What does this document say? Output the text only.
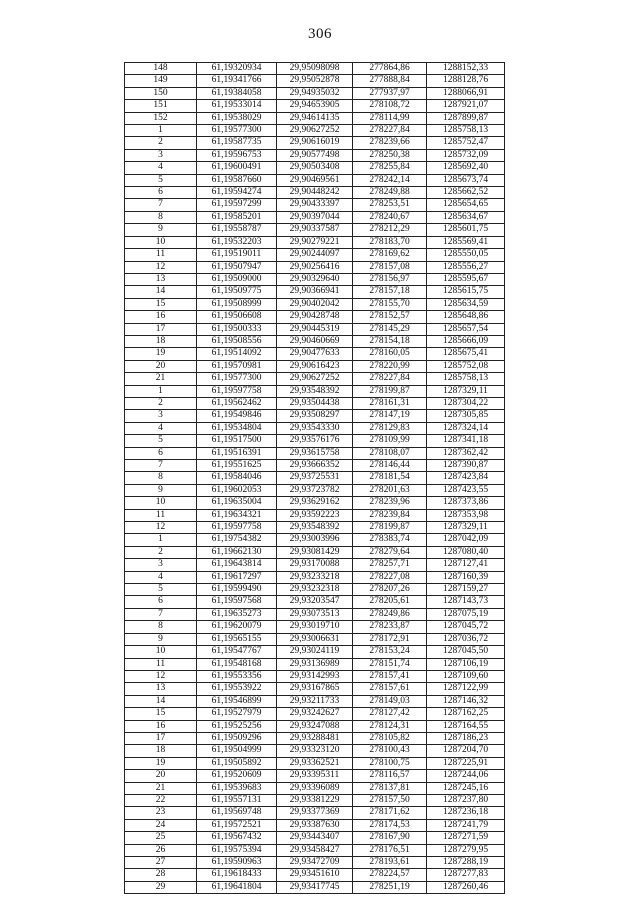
306
148	61,19320934	29,95098098	277864,86	1288152,33
149	61,19341766	29,95052878	277888,84	1288128,76
150	61,19384058	29,94935032	277937,97	1288066,91
151	61,19533014	29,94653905	278108,72	1287921,07
152	61,19538029	29,94614135	278114,99	1287899,87
1	61,19577300	29,90627252	278227,84	1285758,13
2	61,19587735	29,90616019	278239,66	1285752,47
3	61,19596753	29,90577498	278250,38	1285732,09
4	61,19600491	29,90503408	278255,84	1285692,40
5	61,19587660	29,90469561	278242,14	1285673,74
6	61,19594274	29,90448242	278249,88	1285662,52
7	61,19597299	29,90433397	278253,51	1285654,65
8	61,19585201	29,90397044	278240,67	1285634,67
9	61,19558787	29,90337587	278212,29	1285601,75
10	61,19532203	29,90279221	278183,70	1285569,41
11	61,19519011	29,90244097	278169,62	1285550,05
12	61,19507947	29,90256416	278157,08	1285556,27
13	61,19509000	29,90329640	278156,97	1285595,67
14	61,19509775	29,90366941	278157,18	1285615,75
15	61,19508999	29,90402042	278155,70	1285634,59
16	61,19506608	29,90428748	278152,57	1285648,86
17	61,19500333	29,90445319	278145,29	1285657,54
18	61,19508556	29,90460669	278154,18	1285666,09
19	61,19514092	29,90477633	278160,05	1285675,41
20	61,19570981	29,90616423	278220,99	1285752,08
21	61,19577300	29,90627252	278227,84	1285758,13
1	61,19597758	29,93548392	278199,87	1287329,11
2	61,19562462	29,93504438	278161,31	1287304,22
3	61,19549846	29,93508297	278147,19	1287305,85
4	61,19534804	29,93543330	278129,83	1287324,14
5	61,19517500	29,93576176	278109,99	1287341,18
6	61,19516391	29,93615758	278108,07	1287362,42
7	61,19551625	29,93666352	278146,44	1287390,87
8	61,19584046	29,93725531	278181,54	1287423,84
9	61,19602053	29,93723782	278201,63	1287423,55
10	61,19635004	29,93629162	278239,96	1287373,86
11	61,19634321	29,93592223	278239,84	1287353,98
12	61,19597758	29,93548392	278199,87	1287329,11
1	61,19754382	29,93003996	278383,74	1287042,09
2	61,19662130	29,93081429	278279,64	1287080,40
3	61,19643814	29,93170088	278257,71	1287127,41
4	61,19617297	29,93233218	278227,08	1287160,39
5	61,19599490	29,93232318	278207,26	1287159,27
6	61,19597568	29,93203547	278205,61	1287143,73
7	61,19635273	29,93073513	278249,86	1287075,19
8	61,19620079	29,93019710	278233,87	1287045,72
9	61,19565155	29,93006631	278172,91	1287036,72
10	61,19547767	29,93024119	278153,24	1287045,50
11	61,19548168	29,93136989	278151,74	1287106,19
12	61,19553356	29,93142993	278157,41	1287109,60
13	61,19553922	29,93167865	278157,61	1287122,99
14	61,19546899	29,93211733	278149,03	1287146,32
15	61,19527979	29,93242627	278127,42	1287162,25
16	61,19525256	29,93247088	278124,31	1287164,55
17	61,19509296	29,93288481	278105,82	1287186,23
18	61,19504999	29,93323120	278100,43	1287204,70
19	61,19505892	29,93362521	278100,75	1287225,91
20	61,19520609	29,93395311	278116,57	1287244,06
21	61,19539683	29,93396089	278137,81	1287245,16
22	61,19557131	29,93381229	278157,50	1287237,80
23	61,19569748	29,93377369	278171,62	1287236,18
24	61,19572521	29,93387630	278174,53	1287241,79
25	61,19567432	29,93443407	278167,90	1287271,59
26	61,19575394	29,93458427	278176,51	1287279,95
27	61,19590963	29,93472709	278193,61	1287288,19
28	61,19618433	29,93451610	278224,57	1287277,83
29	61,19641804	29,93417745	278251,19	1287260,46
